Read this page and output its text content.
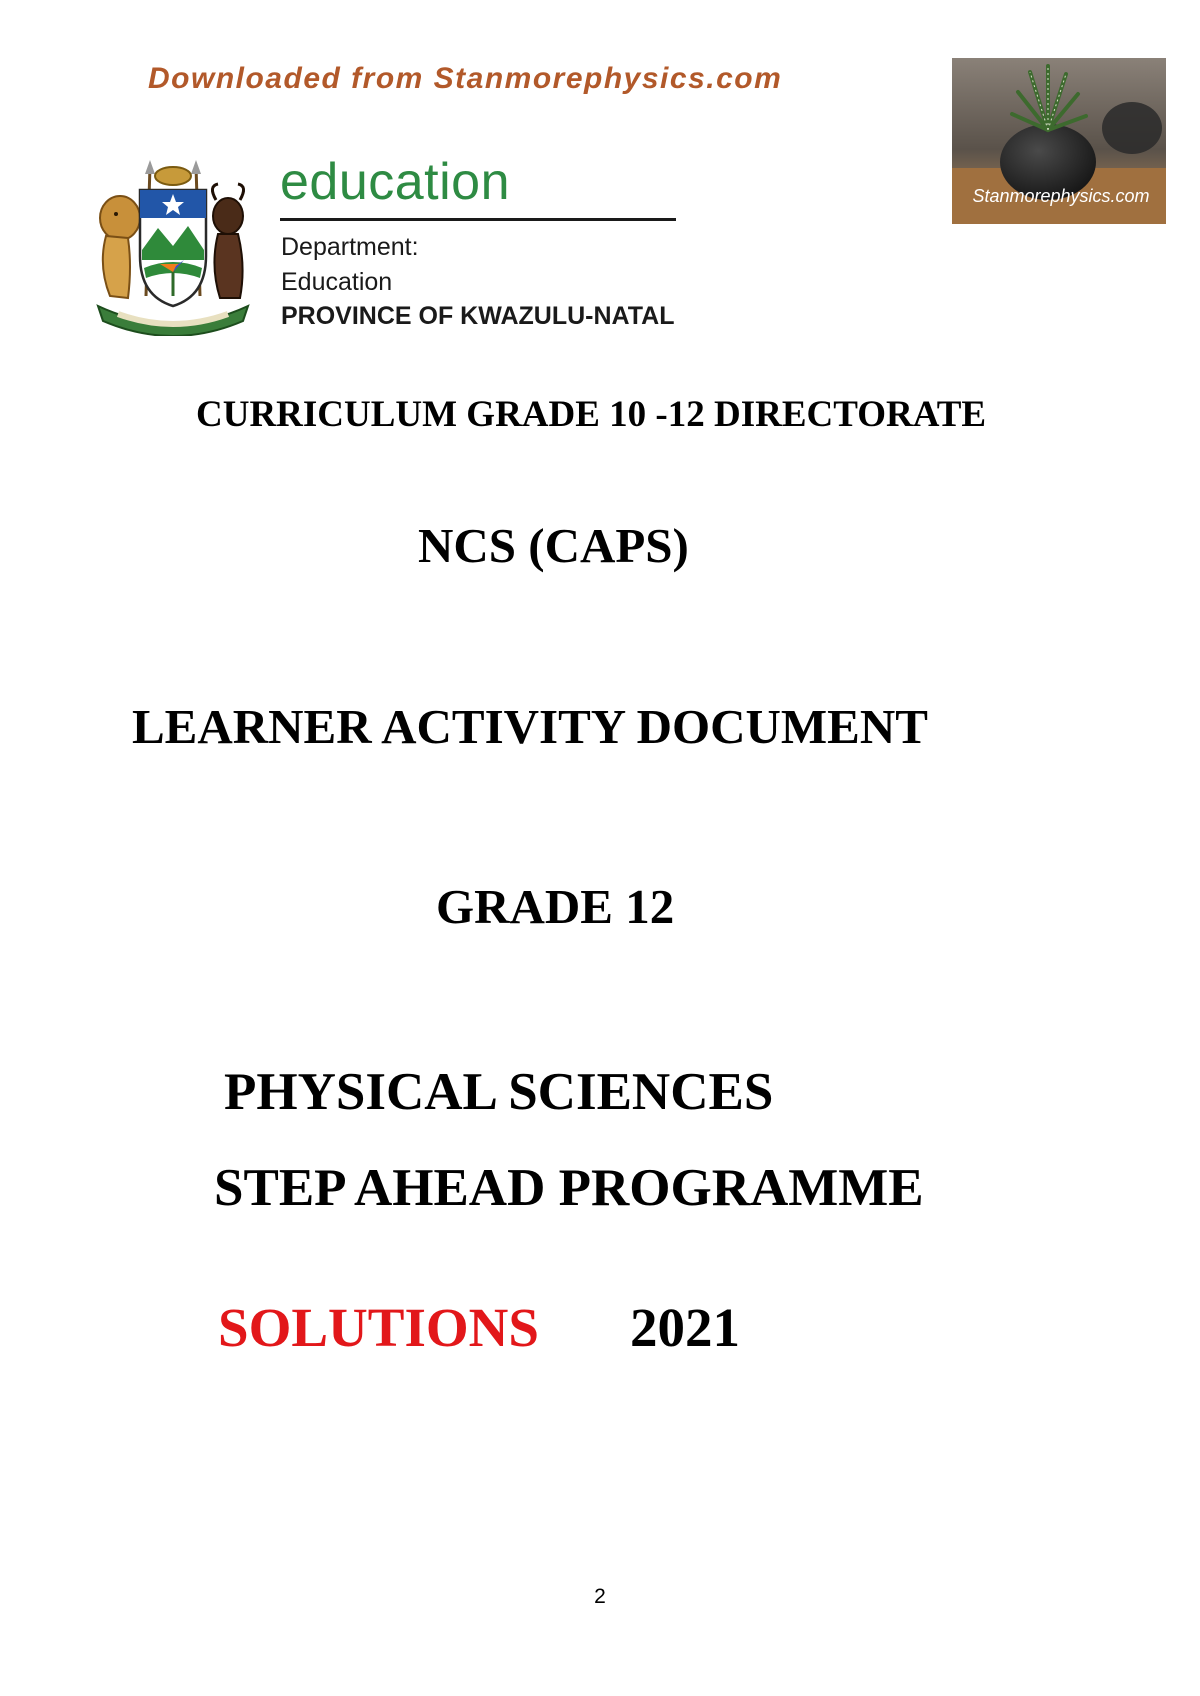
Downloaded from Stanmorephysics.com
education
Department:
Education
PROVINCE OF KWAZULU-NATAL
Stanmorephysics.com
CURRICULUM GRADE 10 -12 DIRECTORATE
NCS (CAPS)
LEARNER ACTIVITY DOCUMENT
GRADE 12
PHYSICAL SCIENCES
STEP AHEAD PROGRAMME
SOLUTIONS 2021
2
